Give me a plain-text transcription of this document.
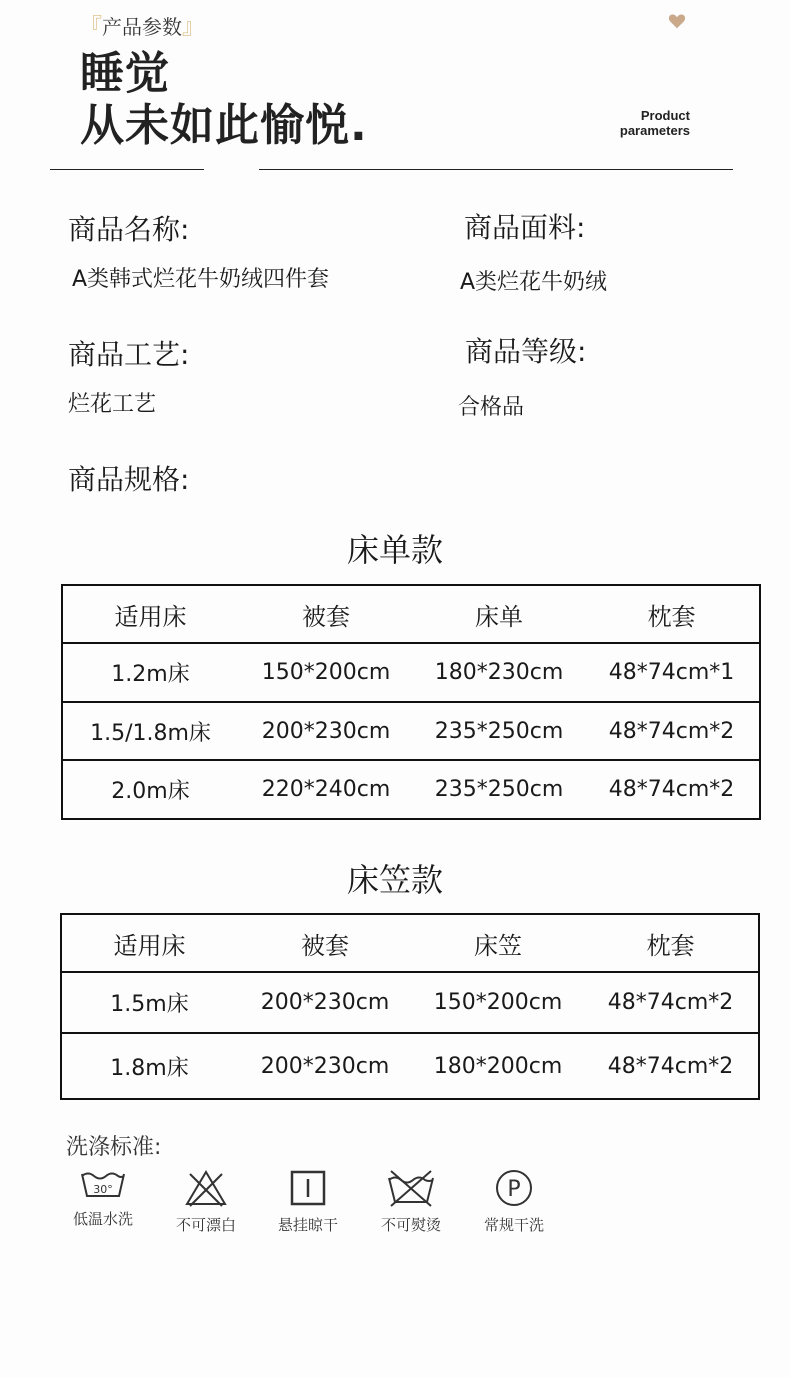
『产品参数』
睡觉
从未如此愉悦.	Product
parameters
商品名称:
A类韩式烂花牛奶绒四件套
商品面料:
A类烂花牛奶绒
商品工艺:
烂花工艺
商品等级:
合格品
商品规格:
床单款
适用床	被套	床单	枕套
1.2m床	150*200cm	180*230cm	48*74cm*1
1.5/1.8m床	200*230cm	235*250cm	48*74cm*2
2.0m床	220*240cm	235*250cm	48*74cm*2
床笠款
适用床	被套	床笠	枕套
1.5m床	200*230cm	150*200cm	48*74cm*2
1.8m床	200*230cm	180*200cm	48*74cm*2
洗涤标准:
30°
低温水洗	不可漂白	悬挂晾干	不可熨烫
P
常规干洗
